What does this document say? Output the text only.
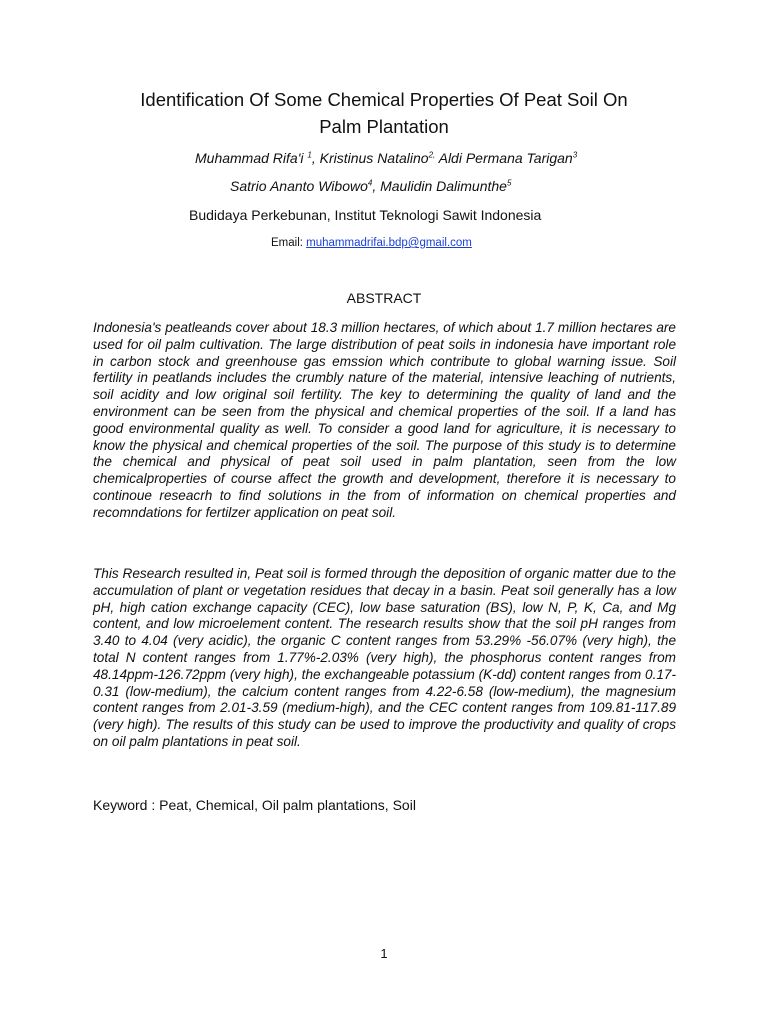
Identification Of Some Chemical Properties Of Peat Soil On
Palm Plantation

Muhammad Rifa'i $^1$, Kristinus Natalino$^{2,}$ Aldi Permana Tarigan$^3$

Satrio Ananto Wibowo$^4$, Maulidin Dalimunthe$^5$

Budidaya Perkebunan, Institut Teknologi Sawit Indonesia

Email: muhammadrifai.bdp@gmail.com

ABSTRACT

Indonesia's peatleands cover about 18.3 million hectares, of which about 1.7 million hectares are used for oil palm cultivation. The large distribution of peat soils in indonesia have important role in carbon stock and greenhouse gas emssion which contribute to global warning issue. Soil fertility in peatlands includes the crumbly nature of the material, intensive leaching of nutrients, soil acidity and low original soil fertility. The key to determining the quality of land and the environment can be seen from the physical and chemical properties of the soil. If a land has good environmental quality as well. To consider a good land for agriculture, it is necessary to know the physical and chemical properties of the soil. The purpose of this study is to determine the chemical and physical of peat soil used in palm plantation, seen from the low chemicalproperties of course affect the growth and development, therefore it is necessary to continoue reseacrh to find solutions in the from of information on chemical properties and recomndations for fertilzer application on peat soil.

This Research resulted in, Peat soil is formed through the deposition of organic matter due to the accumulation of plant or vegetation residues that decay in a basin. Peat soil generally has a low pH, high cation exchange capacity (CEC), low base saturation (BS), low N, P, K, Ca, and Mg content, and low microelement content. The research results show that the soil pH ranges from 3.40 to 4.04 (very acidic), the organic C content ranges from 53.29% -56.07% (very high), the total N content ranges from 1.77%-2.03% (very high), the phosphorus content ranges from 48.14ppm-126.72ppm (very high), the exchangeable potassium (K-dd) content ranges from 0.17-0.31 (low-medium), the calcium content ranges from 4.22-6.58 (low-medium), the magnesium content ranges from 2.01-3.59 (medium-high), and the CEC content ranges from 109.81-117.89 (very high). The results of this study can be used to improve the productivity and quality of crops on oil palm plantations in peat soil.

Keyword : Peat, Chemical, Oil palm plantations, Soil

1
